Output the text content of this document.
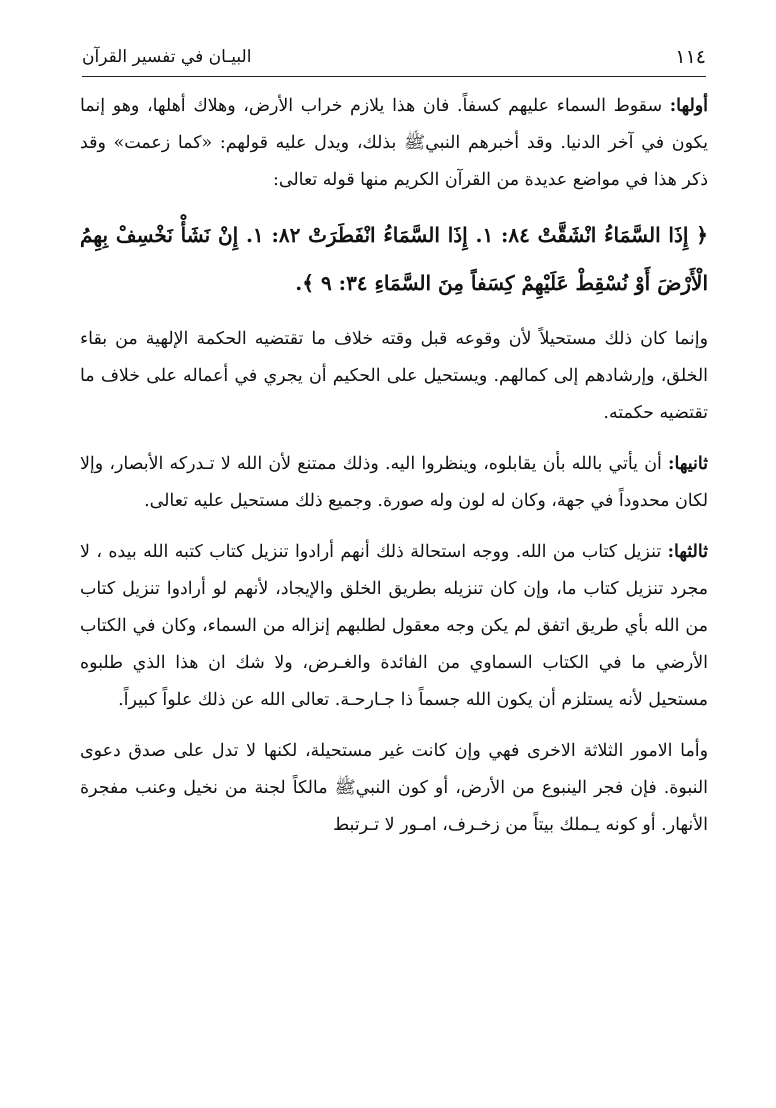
١١٤
البيـان في تفسير القرآن

أولها: سقوط السماء عليهم كسفاً. فان هذا يلازم خراب الأرض، وهلاك أهلها، وهو إنما يكون في آخر الدنيا. وقد أخبرهم النبيﷺ بذلك، ويدل عليه قولهم: «كما زعمت» وقد ذكر هذا في مواضع عديدة من القرآن الكريم منها قوله تعالى:

﴿ إِذَا السَّمَاءُ انْشَقَّتْ ٨٤: ١. إِذَا السَّمَاءُ انْفَطَرَتْ ٨٢: ١. إِنْ نَشَأْ نَخْسِفْ بِهِمُ الْأَرْضَ أَوْ نُسْقِطْ عَلَيْهِمْ كِسَفاً مِنَ السَّمَاءِ ٣٤: ٩ ﴾.

وإنما كان ذلك مستحيلاً لأن وقوعه قبل وقته خلاف ما تقتضيه الحكمة الإلهية من بقاء الخلق، وإرشادهم إلى كمالهم. ويستحيل على الحكيم أن يجري في أعماله على خلاف ما تقتضيه حكمته.

ثانيها: أن يأتي بالله بأن يقابلوه، وينظروا اليه. وذلك ممتنع لأن الله لا تـدركه الأبصار، وإلا لكان محدوداً في جهة، وكان له لون وله صورة. وجميع ذلك مستحيل عليه تعالى.

ثالثها: تنزيل كتاب من الله. ووجه استحالة ذلك أنهم أرادوا تنزيل كتاب كتبه الله بيده ، لا مجرد تنزيل كتاب ما، وإن كان تنزيله بطريق الخلق والإيجاد، لأنهم لو أرادوا تنزيل كتاب من الله بأي طريق اتفق لم يكن وجه معقول لطلبهم إنزاله من السماء، وكان في الكتاب الأرضي ما في الكتاب السماوي من الفائدة والغـرض، ولا شك ان هذا الذي طلبوه مستحيل لأنه يستلزم أن يكون الله جسماً ذا جـارحـة. تعالى الله عن ذلك علواً كبيراً.

وأما الامور الثلاثة الاخرى فهي وإن كانت غير مستحيلة، لكنها لا تدل على صدق دعوى النبوة. فإن فجر الينبوع من الأرض، أو كون النبيﷺ مالكاً لجنة من نخيل وعنب مفجرة الأنهار. أو كونه يـملك بيتاً من زخـرف، امـور لا تـرتبط
